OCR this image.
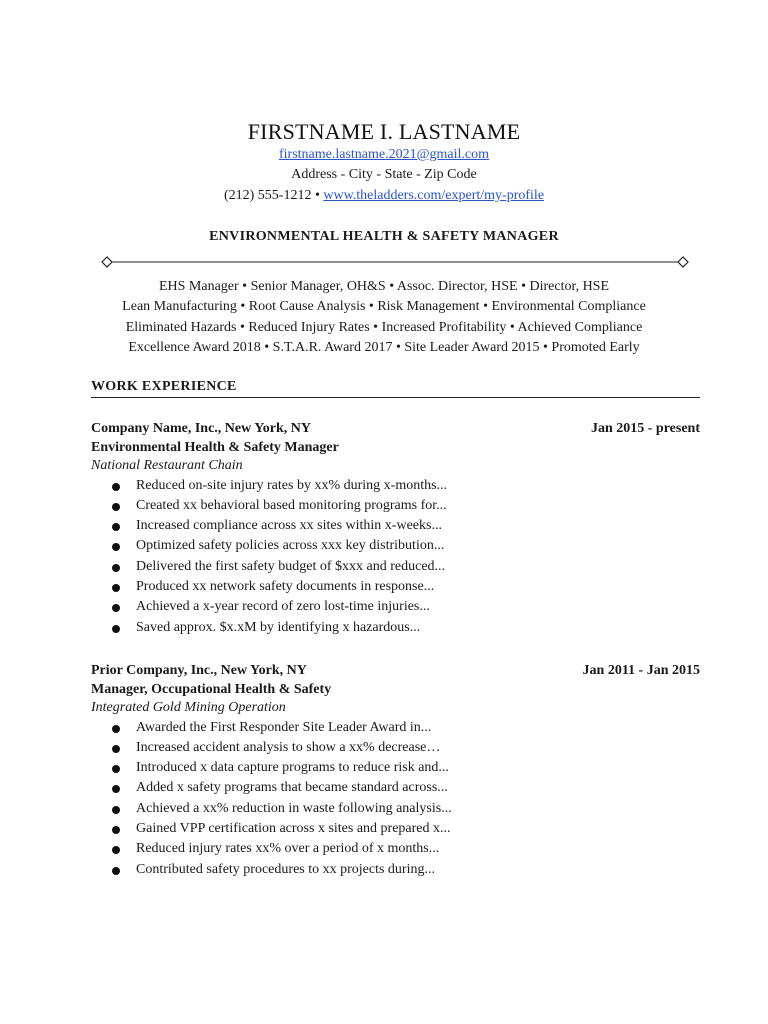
FIRSTNAME I. LASTNAME
firstname.lastname.2021@gmail.com
Address - City - State - Zip Code
(212) 555-1212 • www.theladders.com/expert/my-profile
ENVIRONMENTAL HEALTH & SAFETY MANAGER
EHS Manager • Senior Manager, OH&S • Assoc. Director, HSE • Director, HSE
Lean Manufacturing • Root Cause Analysis • Risk Management • Environmental Compliance
Eliminated Hazards • Reduced Injury Rates • Increased Profitability • Achieved Compliance
Excellence Award 2018 • S.T.A.R. Award 2017 • Site Leader Award 2015 • Promoted Early
WORK EXPERIENCE
Company Name, Inc., New York, NY	Jan 2015 - present
Environmental Health & Safety Manager
National Restaurant Chain
Reduced on-site injury rates by xx% during x-months...
Created xx behavioral based monitoring programs for...
Increased compliance across xx sites within x-weeks...
Optimized safety policies across xxx key distribution...
Delivered the first safety budget of $xxx and reduced...
Produced xx network safety documents in response...
Achieved a x-year record of zero lost-time injuries...
Saved approx. $x.xM by identifying x hazardous...
Prior Company, Inc., New York, NY	Jan 2011 - Jan 2015
Manager, Occupational Health & Safety
Integrated Gold Mining Operation
Awarded the First Responder Site Leader Award in...
Increased accident analysis to show a xx% decrease…
Introduced x data capture programs to reduce risk and...
Added x safety programs that became standard across...
Achieved a xx% reduction in waste following analysis...
Gained VPP certification across x sites and prepared x...
Reduced injury rates xx% over a period of x months...
Contributed safety procedures to xx projects during...
